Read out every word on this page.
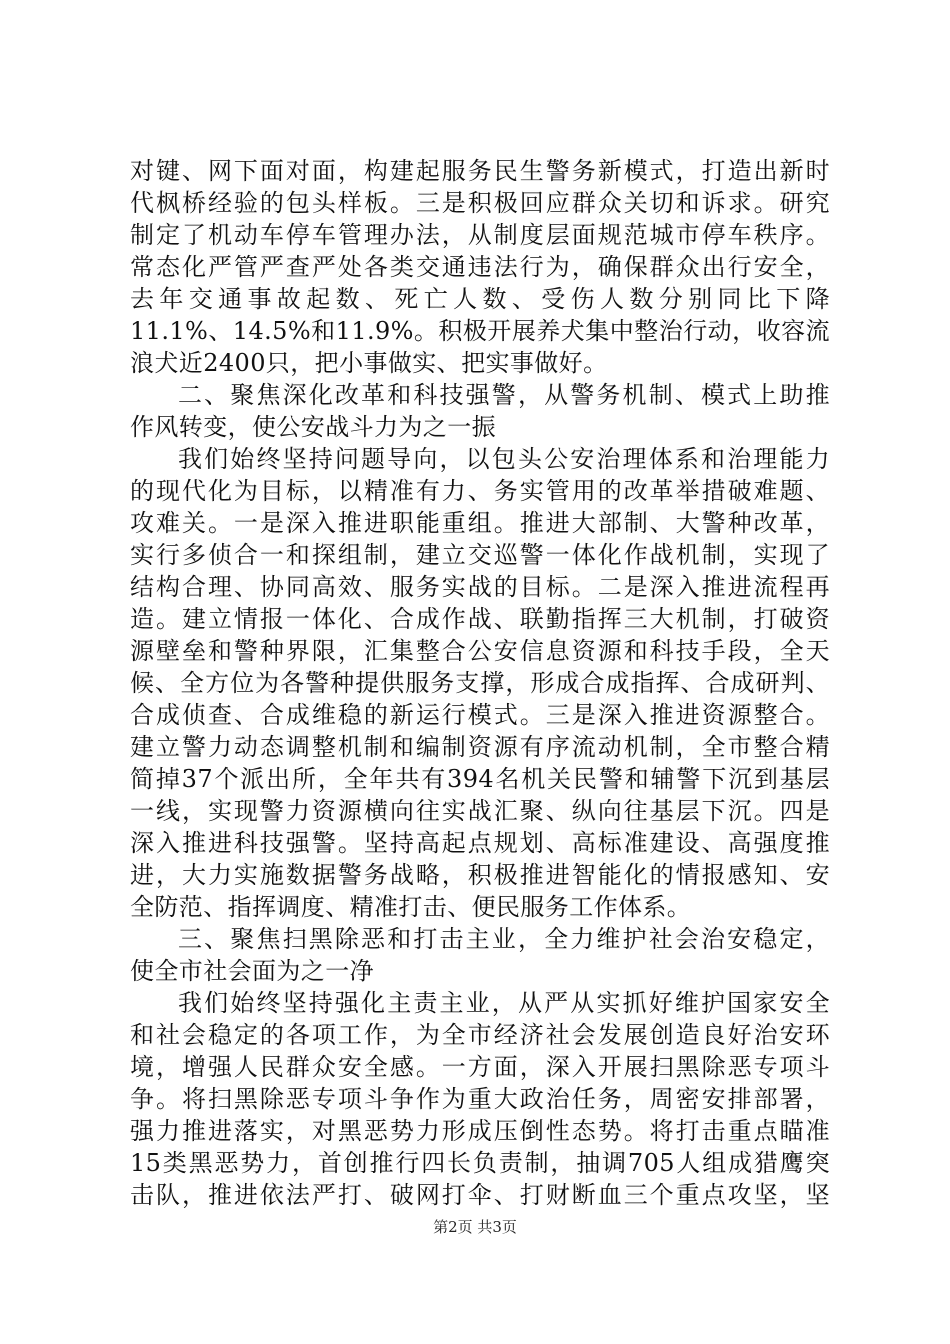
对键、网下面对面，构建起服务民生警务新模式，打造出新时
代枫桥经验的包头样板。三是积极回应群众关切和诉求。研究
制定了机动车停车管理办法，从制度层面规范城市停车秩序。
常态化严管严查严处各类交通违法行为，确保群众出行安全，
去年交通事故起数、死亡人数、受伤人数分别同比下降
11.1%、14.5%和11.9%。积极开展养犬集中整治行动，收容流
浪犬近2400只，把小事做实、把实事做好。
二、聚焦深化改革和科技强警，从警务机制、模式上助推
作风转变，使公安战斗力为之一振
我们始终坚持问题导向，以包头公安治理体系和治理能力
的现代化为目标，以精准有力、务实管用的改革举措破难题、
攻难关。一是深入推进职能重组。推进大部制、大警种改革，
实行多侦合一和探组制，建立交巡警一体化作战机制，实现了
结构合理、协同高效、服务实战的目标。二是深入推进流程再
造。建立情报一体化、合成作战、联勤指挥三大机制，打破资
源壁垒和警种界限，汇集整合公安信息资源和科技手段，全天
候、全方位为各警种提供服务支撑，形成合成指挥、合成研判、
合成侦查、合成维稳的新运行模式。三是深入推进资源整合。
建立警力动态调整机制和编制资源有序流动机制，全市整合精
简掉37个派出所，全年共有394名机关民警和辅警下沉到基层
一线，实现警力资源横向往实战汇聚、纵向往基层下沉。四是
深入推进科技强警。坚持高起点规划、高标准建设、高强度推
进，大力实施数据警务战略，积极推进智能化的情报感知、安
全防范、指挥调度、精准打击、便民服务工作体系。
三、聚焦扫黑除恶和打击主业，全力维护社会治安稳定，
使全市社会面为之一净
我们始终坚持强化主责主业，从严从实抓好维护国家安全
和社会稳定的各项工作，为全市经济社会发展创造良好治安环
境，增强人民群众安全感。一方面，深入开展扫黑除恶专项斗
争。将扫黑除恶专项斗争作为重大政治任务，周密安排部署，
强力推进落实，对黑恶势力形成压倒性态势。将打击重点瞄准
15类黑恶势力，首创推行四长负责制，抽调705人组成猎鹰突
击队，推进依法严打、破网打伞、打财断血三个重点攻坚，坚
第2页 共3页
